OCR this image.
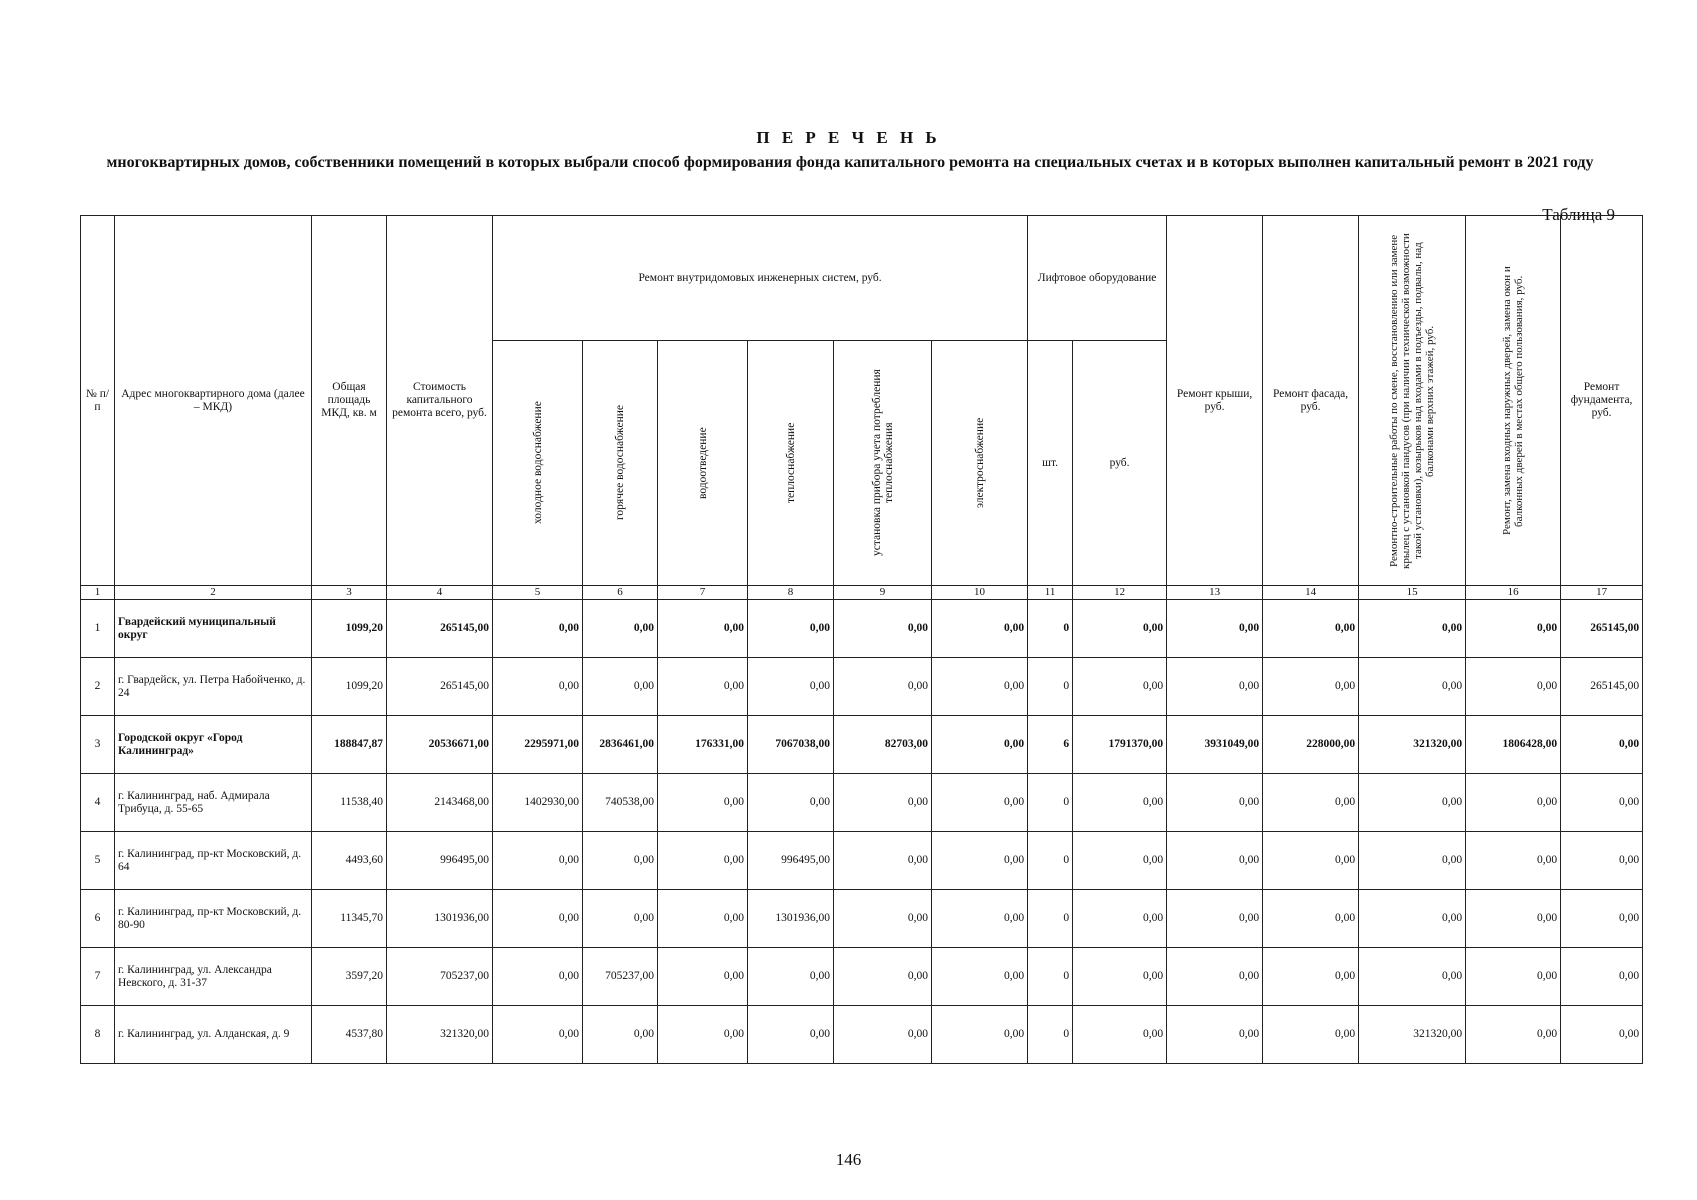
П Е Р Е Ч Е Н Ь
многоквартирных домов, собственники помещений в которых выбрали способ формирования фонда капитального ремонта на специальных счетах и в которых выполнен капитальный ремонт в 2021 году
Таблица 9
№ п/п	Адрес многоквартирного дома (далее – МКД)	Общая площадь МКД, кв. м	Стоимость капитального ремонта всего, руб.	Ремонт внутридомовых инженерных систем, руб.						Лифтовое оборудование		Ремонт крыши, руб.	Ремонт фасада, руб.	Ремонтно-строительные работы по смене, восстановлению или замене крылец с установкой пандусов (при наличии технической возможности такой установки), козырьков над входами в подъезды, подвалы, над балконами верхних этажей, руб.	Ремонт, замена входных наружных дверей, замена окон и балконных дверей в местах общего пользования, руб.	Ремонт фундамента, руб.

				холодное водоснабжение	горячее водоснабжение	водоотведение	теплоснабжение	установка прибора учета потребления теплоснабжения	электроснабжение	шт.	руб.					
1	2	3	4	5	6	7	8	9	10	11	12	13	14	15	16	17
1	Гвардейский муниципальный округ	1099,20	265145,00	0,00	0,00	0,00	0,00	0,00	0,00	0	0,00	0,00	0,00	0,00	0,00	265145,00
2	г. Гвардейск, ул. Петра Набойченко, д. 24	1099,20	265145,00	0,00	0,00	0,00	0,00	0,00	0,00	0	0,00	0,00	0,00	0,00	0,00	265145,00
3	Городской округ «Город Калининград»	188847,87	20536671,00	2295971,00	2836461,00	176331,00	7067038,00	82703,00	0,00	6	1791370,00	3931049,00	228000,00	321320,00	1806428,00	0,00
4	г. Калининград, наб. Адмирала Трибуца, д. 55-65	11538,40	2143468,00	1402930,00	740538,00	0,00	0,00	0,00	0,00	0	0,00	0,00	0,00	0,00	0,00	0,00
5	г. Калининград, пр-кт Московский, д. 64	4493,60	996495,00	0,00	0,00	0,00	996495,00	0,00	0,00	0	0,00	0,00	0,00	0,00	0,00	0,00
6	г. Калининград, пр-кт Московский, д. 80-90	11345,70	1301936,00	0,00	0,00	0,00	1301936,00	0,00	0,00	0	0,00	0,00	0,00	0,00	0,00	0,00
7	г. Калининград, ул. Александра Невского, д. 31-37	3597,20	705237,00	0,00	705237,00	0,00	0,00	0,00	0,00	0	0,00	0,00	0,00	0,00	0,00	0,00
8	г. Калининград, ул. Алданская, д. 9	4537,80	321320,00	0,00	0,00	0,00	0,00	0,00	0,00	0	0,00	0,00	0,00	321320,00	0,00	0,00
146
